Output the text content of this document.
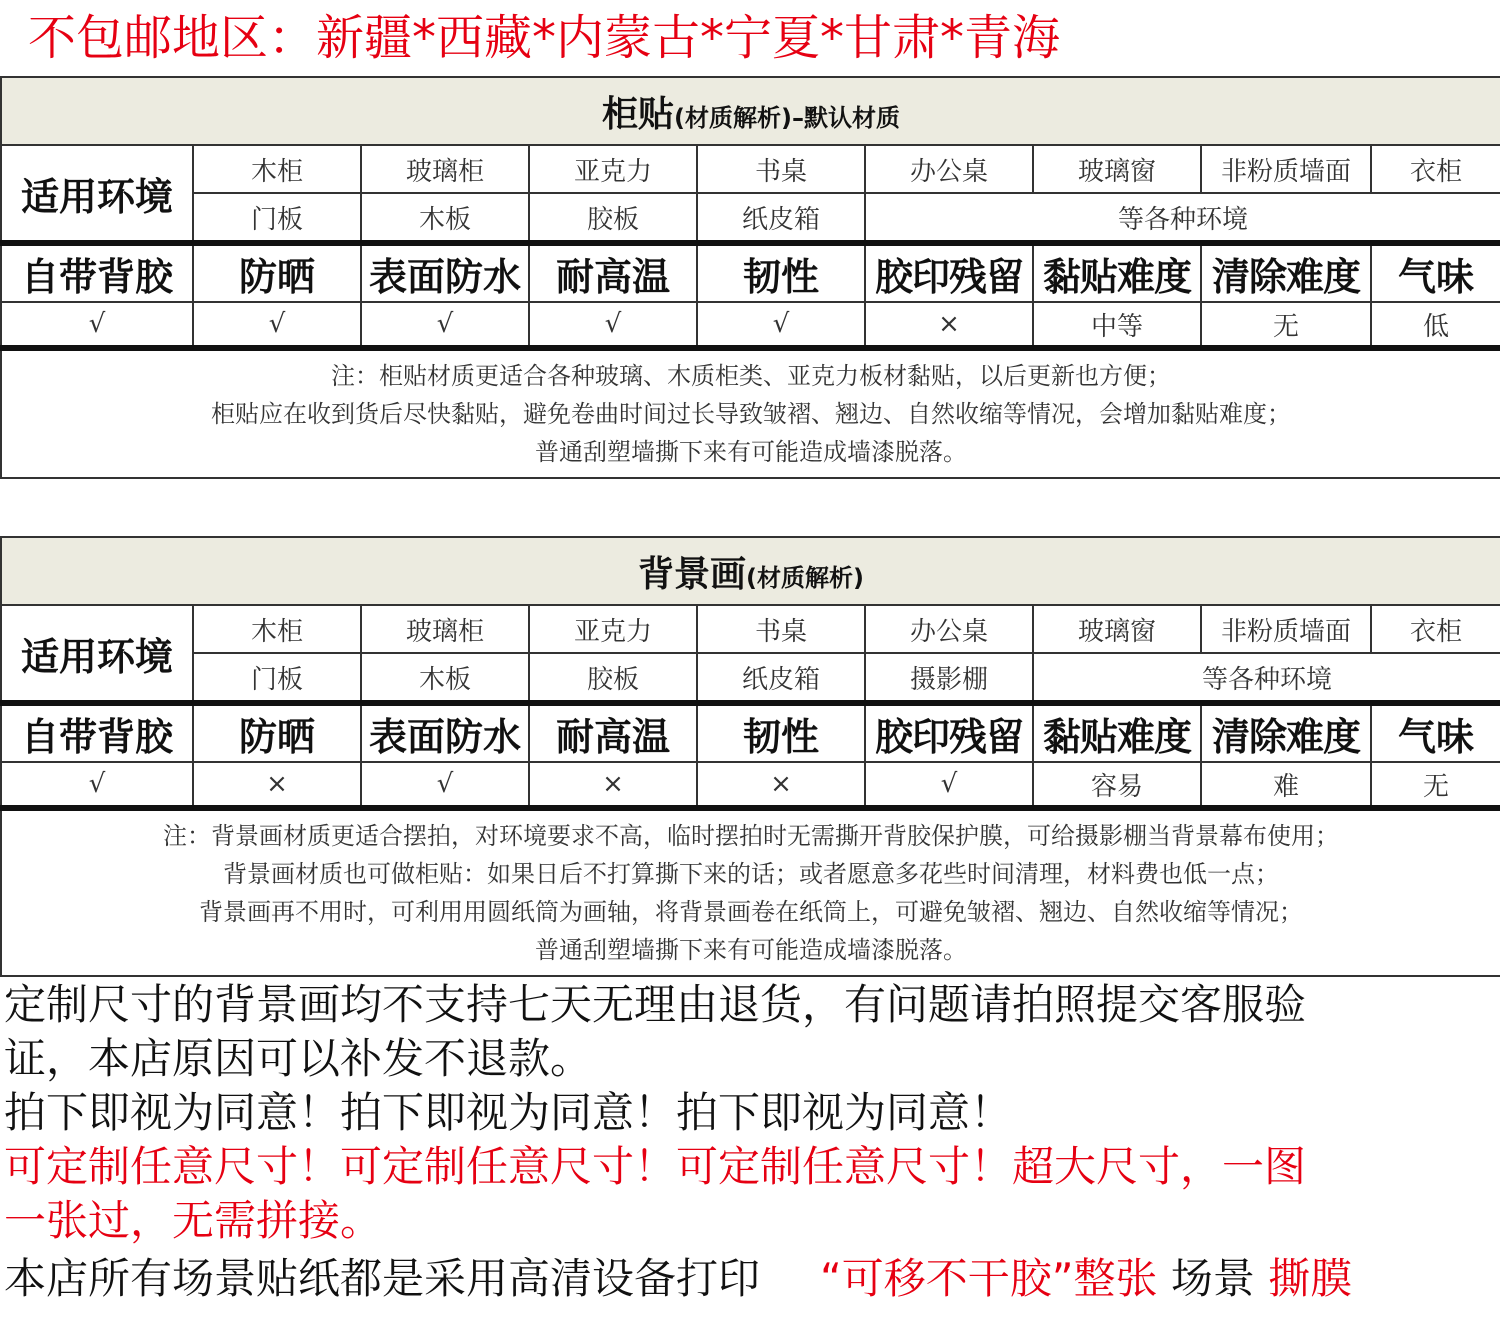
不包邮地区：新疆*西藏*内蒙古*宁夏*甘肃*青海
柜贴(材质解析)–默认材质								
适用环境	木柜	玻璃柜	亚克力	书桌	办公桌	玻璃窗	非粉质墙面	衣柜
	门板	木板	胶板	纸皮箱	等各种环境			
自带背胶	防晒	表面防水	耐高温	韧性	胶印残留	黏贴难度	清除难度	气味
√	√	√	√	√	×	中等	无	低

注：柜贴材质更适合各种玻璃、木质柜类、亚克力板材黏贴，以后更新也方便；
柜贴应在收到货后尽快黏贴，避免卷曲时间过长导致皱褶、翘边、自然收缩等情况，会增加黏贴难度；
普通刮塑墙撕下来有可能造成墙漆脱落。								
背景画(材质解析)								
适用环境	木柜	玻璃柜	亚克力	书桌	办公桌	玻璃窗	非粉质墙面	衣柜
	门板	木板	胶板	纸皮箱	摄影棚	等各种环境		
自带背胶	防晒	表面防水	耐高温	韧性	胶印残留	黏贴难度	清除难度	气味
√	×	√	×	×	√	容易	难	无

注：背景画材质更适合摆拍，对环境要求不高，临时摆拍时无需撕开背胶保护膜，可给摄影棚当背景幕布使用；
背景画材质也可做柜贴：如果日后不打算撕下来的话；或者愿意多花些时间清理，材料费也低一点；
背景画再不用时，可利用用圆纸筒为画轴，将背景画卷在纸筒上，可避免皱褶、翘边、自然收缩等情况；
普通刮塑墙撕下来有可能造成墙漆脱落。								
定制尺寸的背景画均不支持七天无理由退货，有问题请拍照提交客服验
证，本店原因可以补发不退款。
拍下即视为同意！拍下即视为同意！拍下即视为同意！
可定制任意尺寸！可定制任意尺寸！可定制任意尺寸！超大尺寸，一图
一张过，无需拼接。
本店所有场景贴纸都是采用高清设备打印 “可移不干胶”整张 场景 撕膜
